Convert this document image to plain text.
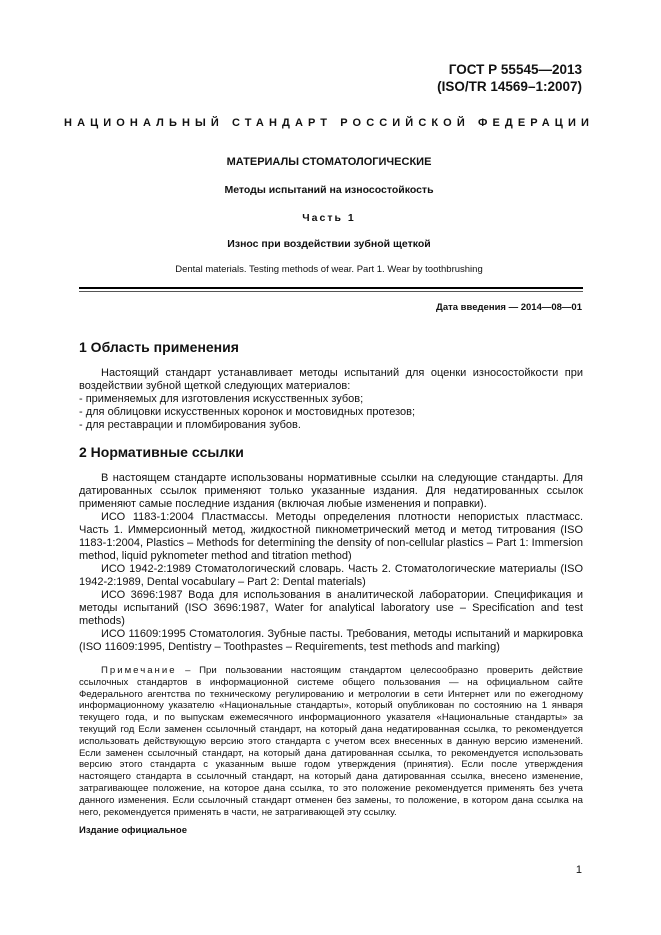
ГОСТ Р 55545—2013
(ISO/TR 14569–1:2007)
НАЦИОНАЛЬНЫЙ СТАНДАРТ РОССИЙСКОЙ ФЕДЕРАЦИИ
МАТЕРИАЛЫ СТОМАТОЛОГИЧЕСКИЕ
Методы испытаний на износостойкость
Часть 1
Износ при воздействии зубной щеткой
Dental materials. Testing methods of wear. Part 1. Wear by toothbrushing
Дата введения — 2014—08—01
1 Область применения

Настоящий стандарт устанавливает методы испытаний для оценки износостойкости при воздействии зубной щеткой следующих материалов:

- применяемых для изготовления искусственных зубов;

- для облицовки искусственных коронок и мостовидных протезов;

- для реставрации и пломбирования зубов.

2 Нормативные ссылки

В настоящем стандарте использованы нормативные ссылки на следующие стандарты. Для датированных ссылок применяют только указанные издания. Для недатированных ссылок применяют самые последние издания (включая любые изменения и поправки).

ИСО 1183-1:2004 Пластмассы. Методы определения плотности непористых пластмасс. Часть 1. Иммерсионный метод, жидкостной пикнометрический метод и метод титрования (ISO 1183-1:2004, Plastics – Methods for determining the density of non-cellular plastics – Part 1: Immersion method, liquid pyknometer method and titration method)

ИСО 1942-2:1989 Стоматологический словарь. Часть 2. Стоматологические материалы (ISO 1942-2:1989, Dental vocabulary – Part 2: Dental materials)

ИСО 3696:1987 Вода для использования в аналитической лаборатории. Спецификация и методы испытаний (ISO 3696:1987, Water for analytical laboratory use – Specification and test methods)

ИСО 11609:1995 Стоматология. Зубные пасты. Требования, методы испытаний и маркировка (ISO 11609:1995, Dentistry – Toothpastes – Requirements, test methods and marking)

Примечание – При пользовании настоящим стандартом целесообразно проверить действие ссылочных стандартов в информационной системе общего пользования — на официальном сайте Федерального агентства по техническому регулированию и метрологии в сети Интернет или по ежегодному информационному указателю «Национальные стандарты», который опубликован по состоянию на 1 января текущего года, и по выпускам ежемесячного информационного указателя «Национальные стандарты» за текущий год Если заменен ссылочный стандарт, на который дана недатированная ссылка, то рекомендуется использовать действующую версию этого стандарта с учетом всех внесенных в данную версию изменений. Если заменен ссылочный стандарт, на который дана датированная ссылка, то рекомендуется использовать версию этого стандарта с указанным выше годом утверждения (принятия). Если после утверждения настоящего стандарта в ссылочный стандарт, на который дана датированная ссылка, внесено изменение, затрагивающее положение, на которое дана ссылка, то это положение рекомендуется применять без учета данного изменения. Если ссылочный стандарт отменен без замены, то положение, в котором дана ссылка на него, рекомендуется применять в части, не затрагивающей эту ссылку.

Издание официальное
1
